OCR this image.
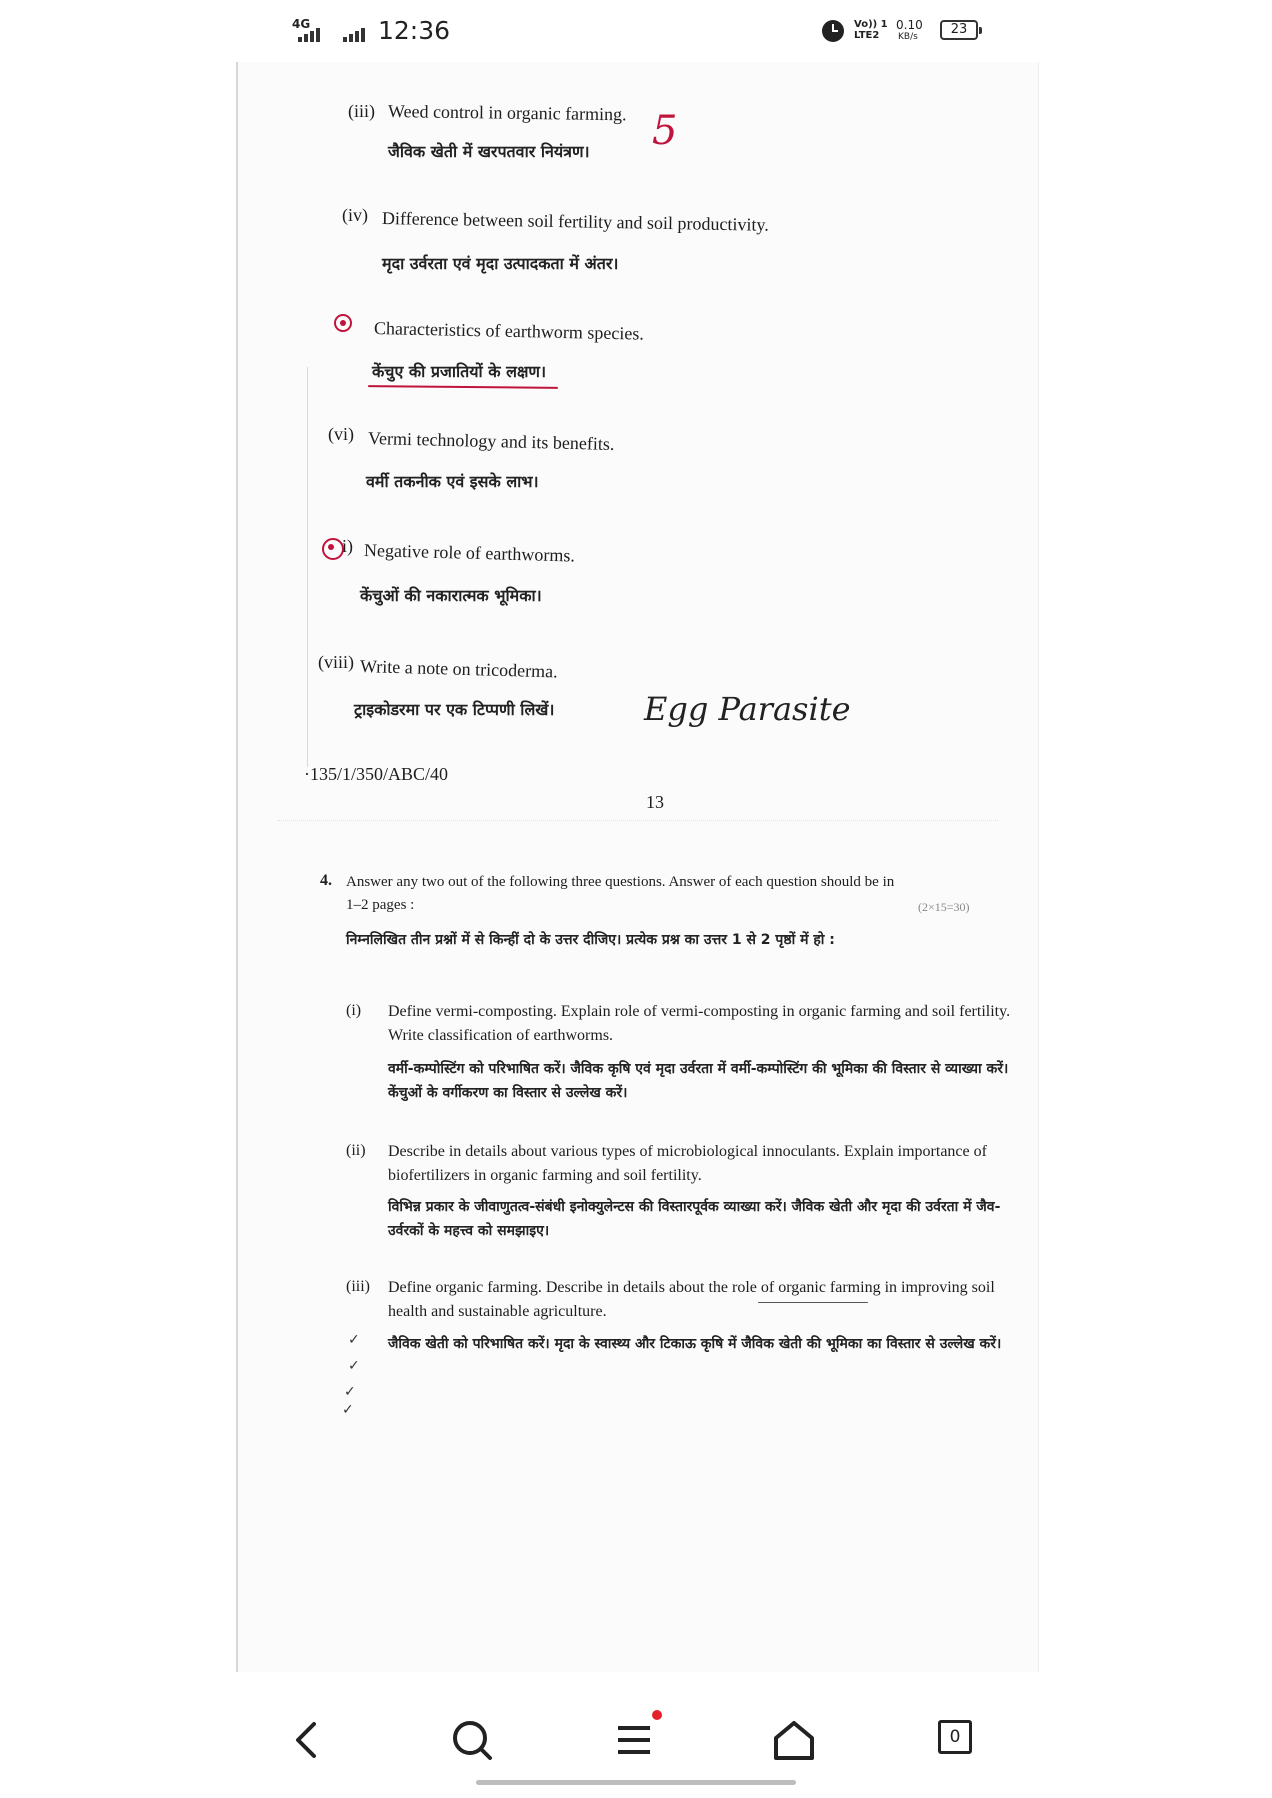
4G	12:36	Vo)) 1
LTE2
0.10
KB/s	23
(iii) Weed control in organic farming.
जैविक खेती में खरपतवार नियंत्रण। 5
(iv) Difference between soil fertility and soil productivity.
मृदा उर्वरता एवं मृदा उत्पादकता में अंतर।
Characteristics of earthworm species.
केंचुए की प्रजातियों के लक्षण।
(vi) Vermi technology and its benefits.
वर्मी तकनीक एवं इसके लाभ।
i) Negative role of earthworms.
केंचुओं की नकारात्मक भूमिका।
(viii) Write a note on tricoderma.
ट्राइकोडरमा पर एक टिप्पणी लिखें।	Egg Parasite
·135/1/350/ABC/40
13
4. Answer any two out of the following three questions. Answer of each question should be in
1–2 pages :	(2×15=30)
निम्नलिखित तीन प्रश्नों में से किन्हीं दो के उत्तर दीजिए। प्रत्येक प्रश्न का उत्तर 1 से 2 पृष्ठों में हो :
(i) Define vermi-composting. Explain role of vermi-composting in organic farming and soil fertility. Write classification of earthworms.
वर्मी-कम्पोस्टिंग को परिभाषित करें। जैविक कृषि एवं मृदा उर्वरता में वर्मी-कम्पोस्टिंग की भूमिका की विस्तार से व्याख्या करें। केंचुओं के वर्गीकरण का विस्तार से उल्लेख करें।
(ii) Describe in details about various types of microbiological innoculants. Explain importance of biofertilizers in organic farming and soil fertility.
विभिन्न प्रकार के जीवाणुतत्व-संबंधी इनोक्युलेन्टस की विस्तारपूर्वक व्याख्या करें। जैविक खेती और मृदा की उर्वरता में जैव-उर्वरकों के महत्त्व को समझाइए।
(iii) Define organic farming. Describe in details about the role of organic farming in improving soil health and sustainable agriculture.
जैविक खेती को परिभाषित करें। मृदा के स्वास्थ्य और टिकाऊ कृषि में जैविक खेती की भूमिका का विस्तार से उल्लेख करें।
✓
✓
✓
✓
0
